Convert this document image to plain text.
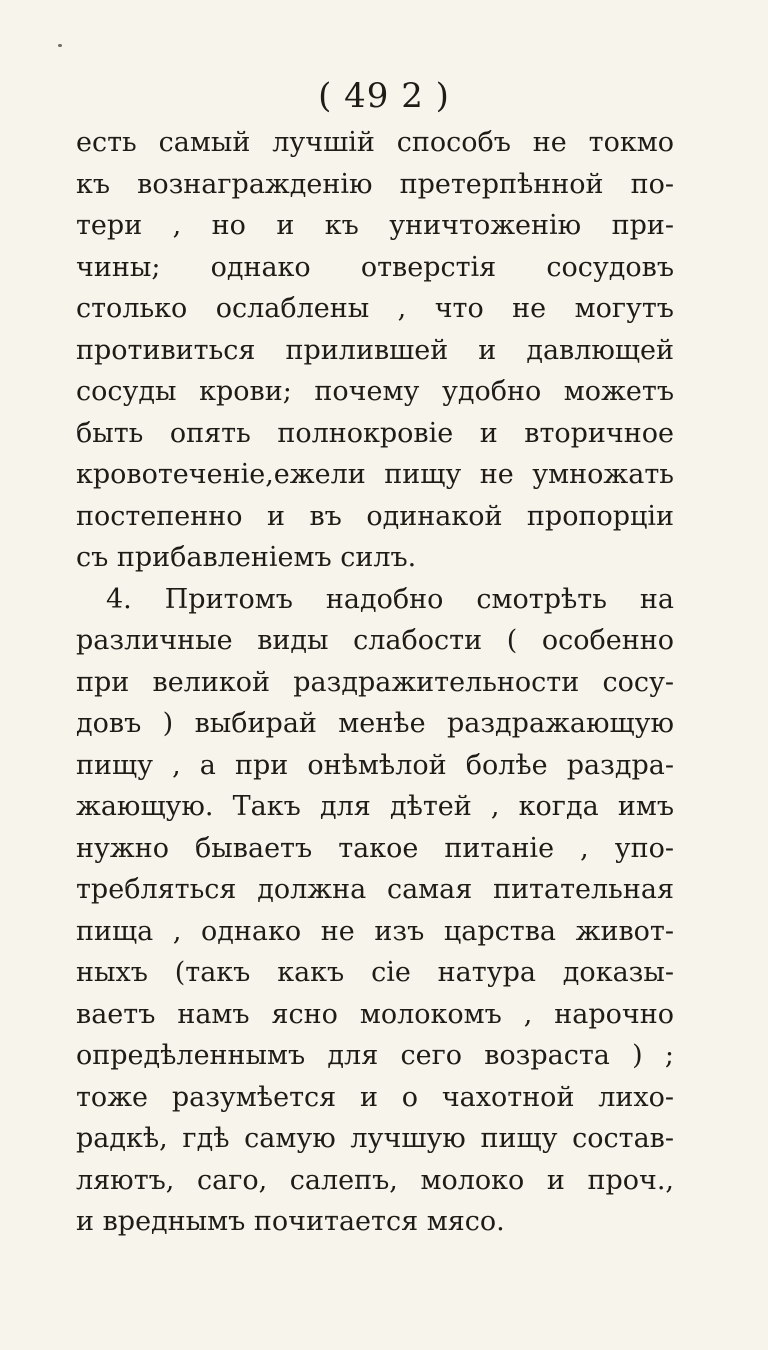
( 49 2 )
есть самый лучшій способъ не токмо
къ вознагражденію претерпѣнной по-
тери , но и къ уничтоженію при-
чины; однако отверстія сосудовъ
столько ослаблены , что не могутъ
противиться прилившей и давлющей
сосуды крови; почему удобно можетъ
быть опять полнокровіе и вторичное
кровотеченіе,ежели пищу не умножать
постепенно и въ одинакой пропорціи
съ прибавленіемъ силъ.
4. Притомъ надобно смотрѣть на
различные виды слабости ( особенно
при великой раздражительности сосу-
довъ ) выбирай менѣе раздражающую
пищу , а при онѣмѣлой болѣе раздра-
жающую. Такъ для дѣтей , когда имъ
нужно бываетъ такое питаніе , упо-
требляться должна самая питательная
пища , однако не изъ царства живот-
ныхъ (такъ какъ сіе натура доказы-
ваетъ намъ ясно молокомъ , нарочно
опредѣленнымъ для сего возраста ) ;
тоже разумѣется и о чахотной лихо-
радкѣ, гдѣ самую лучшую пищу состав-
ляютъ, саго, салепъ, молоко и проч.,
и вреднымъ почитается мясо.
